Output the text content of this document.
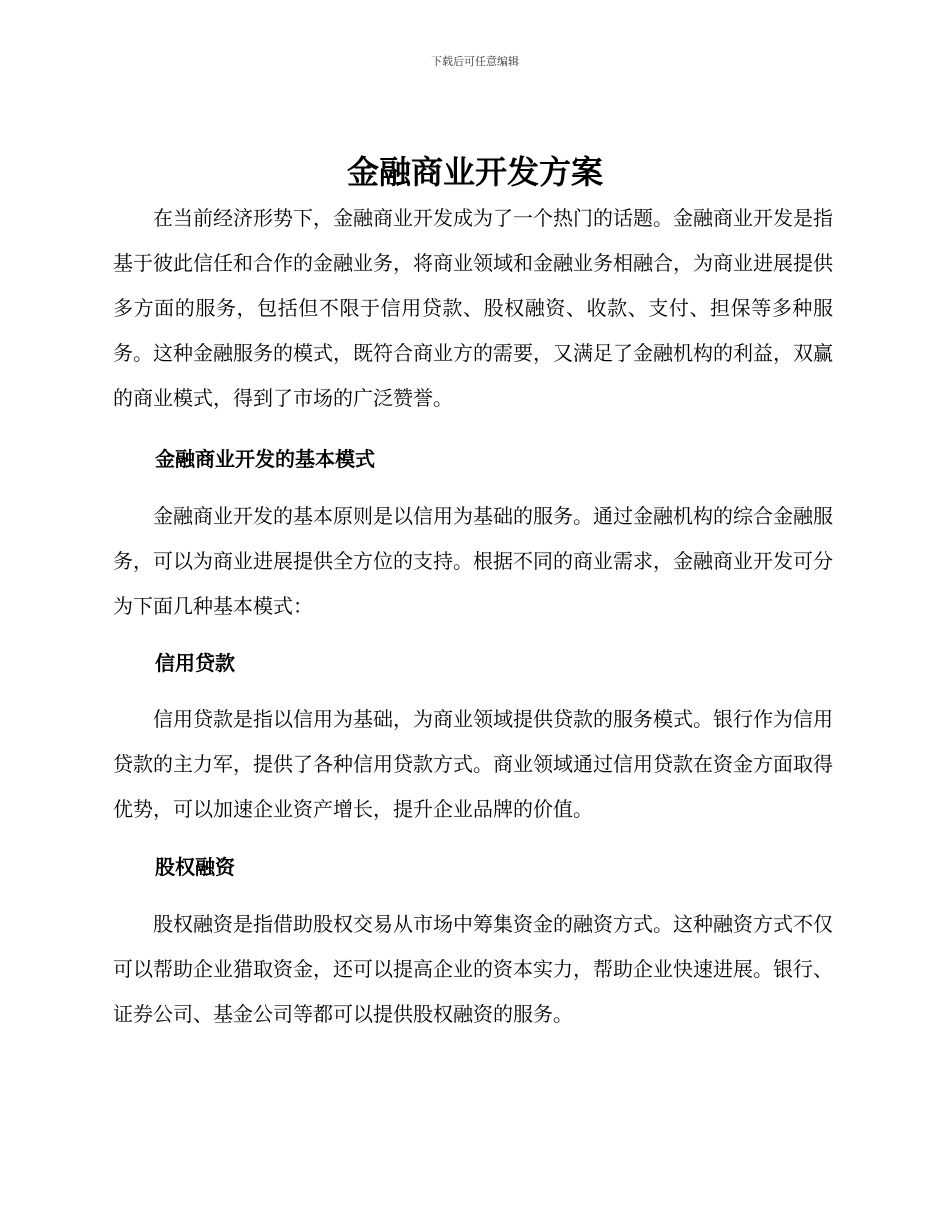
下载后可任意编辑
金融商业开发方案

在当前经济形势下，金融商业开发成为了一个热门的话题。金融商业开发是指基于彼此信任和合作的金融业务，将商业领域和金融业务相融合，为商业进展提供多方面的服务，包括但不限于信用贷款、股权融资、收款、支付、担保等多种服务。这种金融服务的模式，既符合商业方的需要，又满足了金融机构的利益，双赢的商业模式，得到了市场的广泛赞誉。

金融商业开发的基本模式

金融商业开发的基本原则是以信用为基础的服务。通过金融机构的综合金融服务，可以为商业进展提供全方位的支持。根据不同的商业需求，金融商业开发可分为下面几种基本模式：

信用贷款

信用贷款是指以信用为基础，为商业领域提供贷款的服务模式。银行作为信用贷款的主力军，提供了各种信用贷款方式。商业领域通过信用贷款在资金方面取得优势，可以加速企业资产增长，提升企业品牌的价值。

股权融资

股权融资是指借助股权交易从市场中筹集资金的融资方式。这种融资方式不仅可以帮助企业猎取资金，还可以提高企业的资本实力，帮助企业快速进展。银行、证券公司、基金公司等都可以提供股权融资的服务。
